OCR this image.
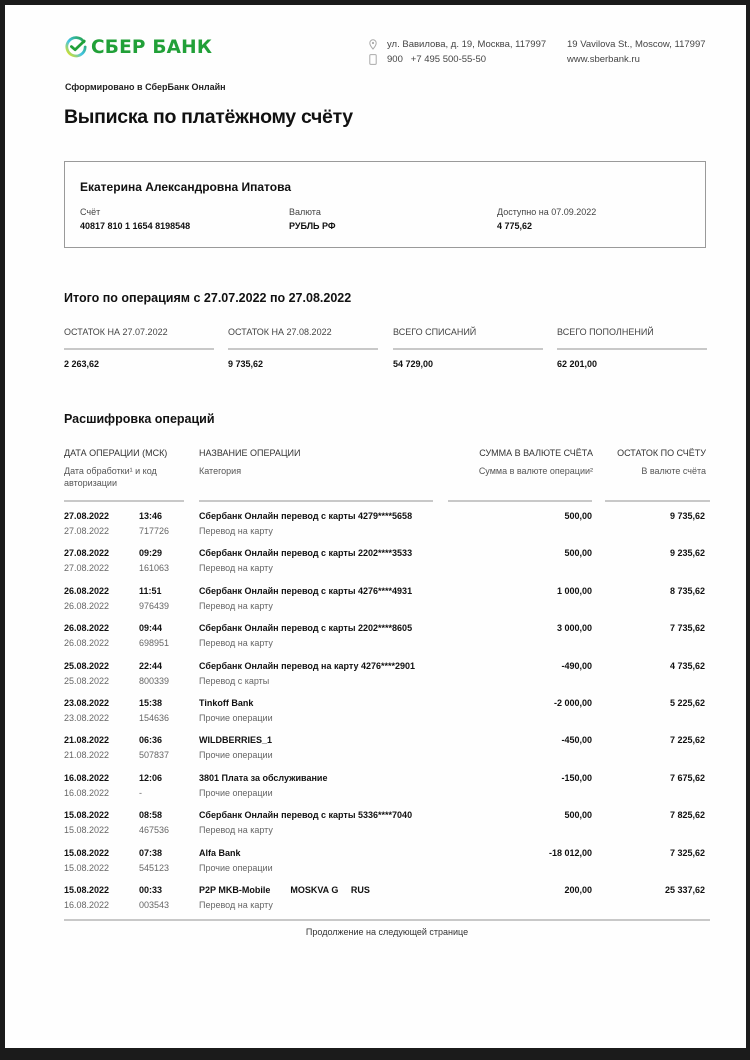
СБЕР БАНК	ул. Вавилова, д. 19, Москва, 117997	19 Vavilova St., Moscow, 117997
900   +7 495 500-55-50	www.sberbank.ru
Сформировано в СберБанк Онлайн
Выписка по платёжному счёту
Екатерина Александровна Ипатова
Счёт
40817 810 1 1654 8198548
Валюта
РУБЛЬ РФ
Доступно на 07.09.2022
4 775,62
Итого по операциям с 27.07.2022 по 27.08.2022
ОСТАТОК НА 27.07.2022
2 263,62
ОСТАТОК НА 27.08.2022
9 735,62
ВСЕГО СПИСАНИЙ
54 729,00
ВСЕГО ПОПОЛНЕНИЙ
62 201,00
Расшифровка операций
ДАТА ОПЕРАЦИИ (МСК)
Дата обработки¹ и код авторизации
НАЗВАНИЕ ОПЕРАЦИИ
Категория
СУММА В ВАЛЮТЕ СЧЁТА
Сумма в валюте операции²
ОСТАТОК ПО СЧЁТУ
В валюте счёта
27.08.2022	13:46	Сбербанк Онлайн перевод с карты 4279****5658	500,00	9 735,62
27.08.2022	717726	Перевод на карту
27.08.2022	09:29	Сбербанк Онлайн перевод с карты 2202****3533	500,00	9 235,62
27.08.2022	161063	Перевод на карту
26.08.2022	11:51	Сбербанк Онлайн перевод с карты 4276****4931	1 000,00	8 735,62
26.08.2022	976439	Перевод на карту
26.08.2022	09:44	Сбербанк Онлайн перевод с карты 2202****8605	3 000,00	7 735,62
26.08.2022	698951	Перевод на карту
25.08.2022	22:44	Сбербанк Онлайн перевод на карту 4276****2901	-490,00	4 735,62
25.08.2022	800339	Перевод с карты
23.08.2022	15:38	Tinkoff Bank	-2 000,00	5 225,62
23.08.2022	154636	Прочие операции
21.08.2022	06:36	WILDBERRIES_1	-450,00	7 225,62
21.08.2022	507837	Прочие операции
16.08.2022	12:06	3801 Плата за обслуживание	-150,00	7 675,62
16.08.2022	-	Прочие операции
15.08.2022	08:58	Сбербанк Онлайн перевод с карты 5336****7040	500,00	7 825,62
15.08.2022	467536	Перевод на карту
15.08.2022	07:38	Alfa Bank	-18 012,00	7 325,62
15.08.2022	545123	Прочие операции
15.08.2022	00:33	P2P MKB-Mobile        MOSKVA G     RUS	200,00	25 337,62
16.08.2022	003543	Перевод на карту
Продолжение на следующей странице
